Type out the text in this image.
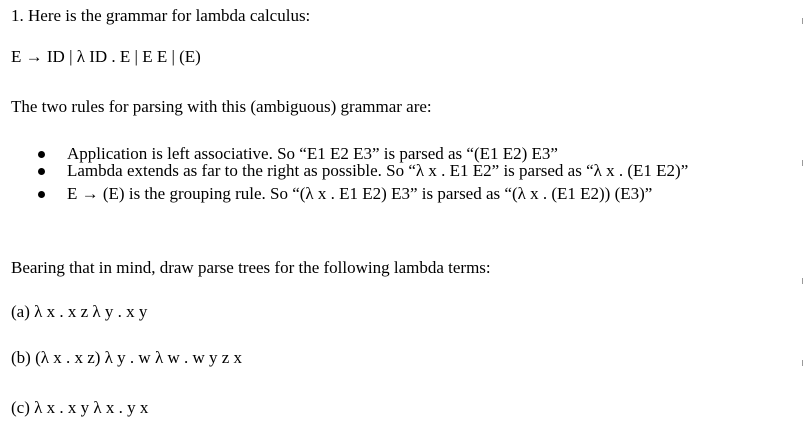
1. Here is the grammar for lambda calculus:
E → ID | λ ID . E | E E | (E)
The two rules for parsing with this (ambiguous) grammar are:
Application is left associative. So “E1 E2 E3” is parsed as “(E1 E2) E3”
Lambda extends as far to the right as possible. So “λ x . E1 E2” is parsed as “λ x . (E1 E2)”
E → (E) is the grouping rule. So “(λ x . E1 E2) E3” is parsed as “(λ x . (E1 E2)) (E3)”
Bearing that in mind, draw parse trees for the following lambda terms:
(a) λ x . x z λ y . x y
(b) (λ x . x z) λ y . w λ w . w y z x
(c) λ x . x y λ x . y x
